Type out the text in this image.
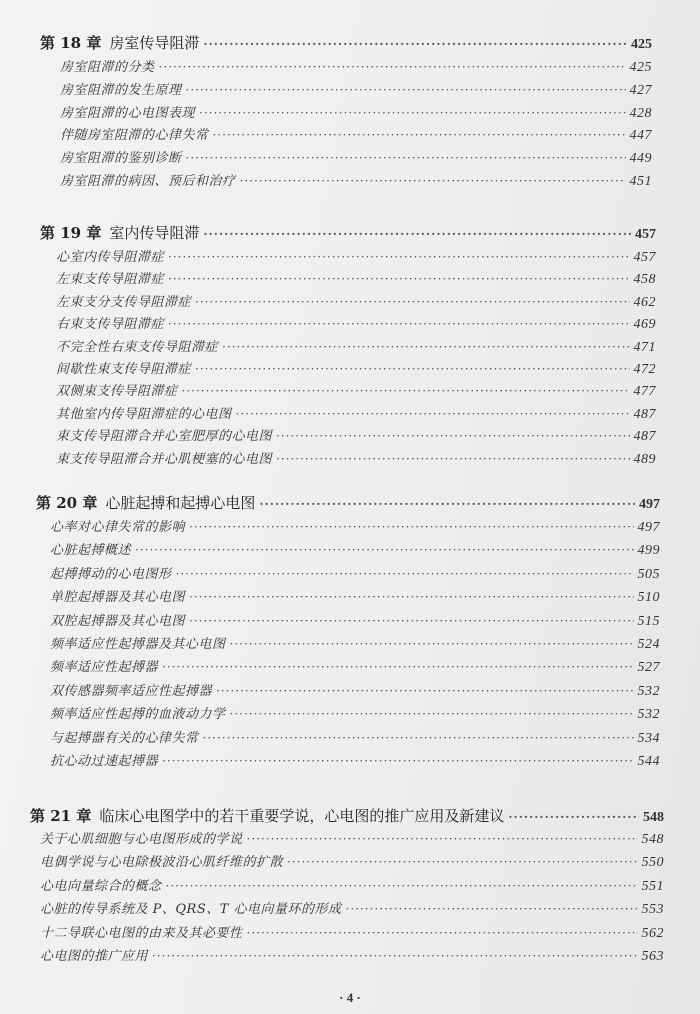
第 18 章 房室传导阻滞 ·····	425
房室阻滞的分类 ·····	425
房室阻滞的发生原理 ·····	427
房室阻滞的心电图表现 ·····	428
伴随房室阻滞的心律失常 ·····	447
房室阻滞的鉴别诊断 ·····	449
房室阻滞的病因、预后和治疗 ·····	451
第 19 章 室内传导阻滞 ·····	457
心室内传导阻滞症 ·····	457
左束支传导阻滞症 ·····	458
左束支分支传导阻滞症 ·····	462
右束支传导阻滞症 ·····	469
不完全性右束支传导阻滞症 ·····	471
间歇性束支传导阻滞症 ·····	472
双侧束支传导阻滞症 ·····	477
其他室内传导阻滞症的心电图 ·····	487
束支传导阻滞合并心室肥厚的心电图 ·····	487
束支传导阻滞合并心肌梗塞的心电图 ·····	489
第 20 章 心脏起搏和起搏心电图 ·····	497
心率对心律失常的影响 ·····	497
心脏起搏概述 ·····	499
起搏搏动的心电图形 ·····	505
单腔起搏器及其心电图 ·····	510
双腔起搏器及其心电图 ·····	515
频率适应性起搏器及其心电图 ·····	524
频率适应性起搏器 ·····	527
双传感器频率适应性起搏器 ·····	532
频率适应性起搏的血液动力学 ·····	532
与起搏器有关的心律失常 ·····	534
抗心动过速起搏器 ·····	544
第 21 章 临床心电图学中的若干重要学说，心电图的推广应用及新建议 ·····	548
关于心肌细胞与心电图形成的学说 ·····	548
电偶学说与心电除极波沿心肌纤维的扩散 ·····	550
心电向量综合的概念 ·····	551
心脏的传导系统及 P、QRS、T 心电向量环的形成 ·····	553
十二导联心电图的由来及其必要性 ·····	562
心电图的推广应用 ·····	563
· 4 ·
